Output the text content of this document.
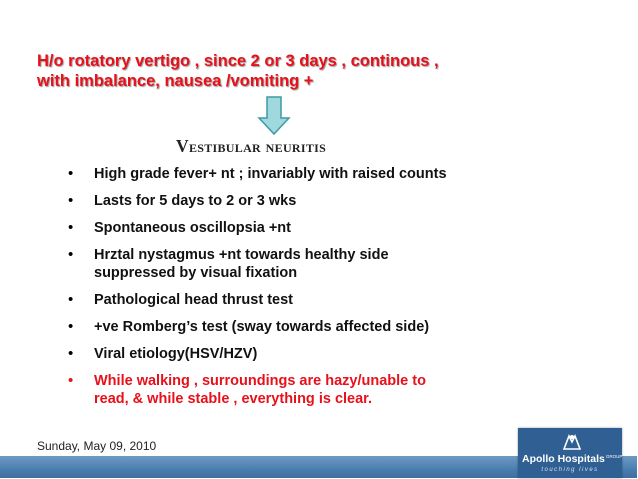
H/o rotatory vertigo , since 2 or 3 days , continous ,
with imbalance, nausea /vomiting +
Vestibular neuritis
• High grade fever+ nt ; invariably with raised counts
• Lasts for 5 days to 2 or 3 wks
• Spontaneous oscillopsia +nt
• Hrztal nystagmus +nt towards healthy side
suppressed by visual fixation
• Pathological head thrust test
• +ve Romberg’s test (sway towards affected side)
• Viral etiology(HSV/HZV)
• While walking , surroundings are hazy/unable to
read, & while stable , everything is clear.
Sunday, May 09, 2010
Apollo Hospitals$^{GROUP}$
touching lives
